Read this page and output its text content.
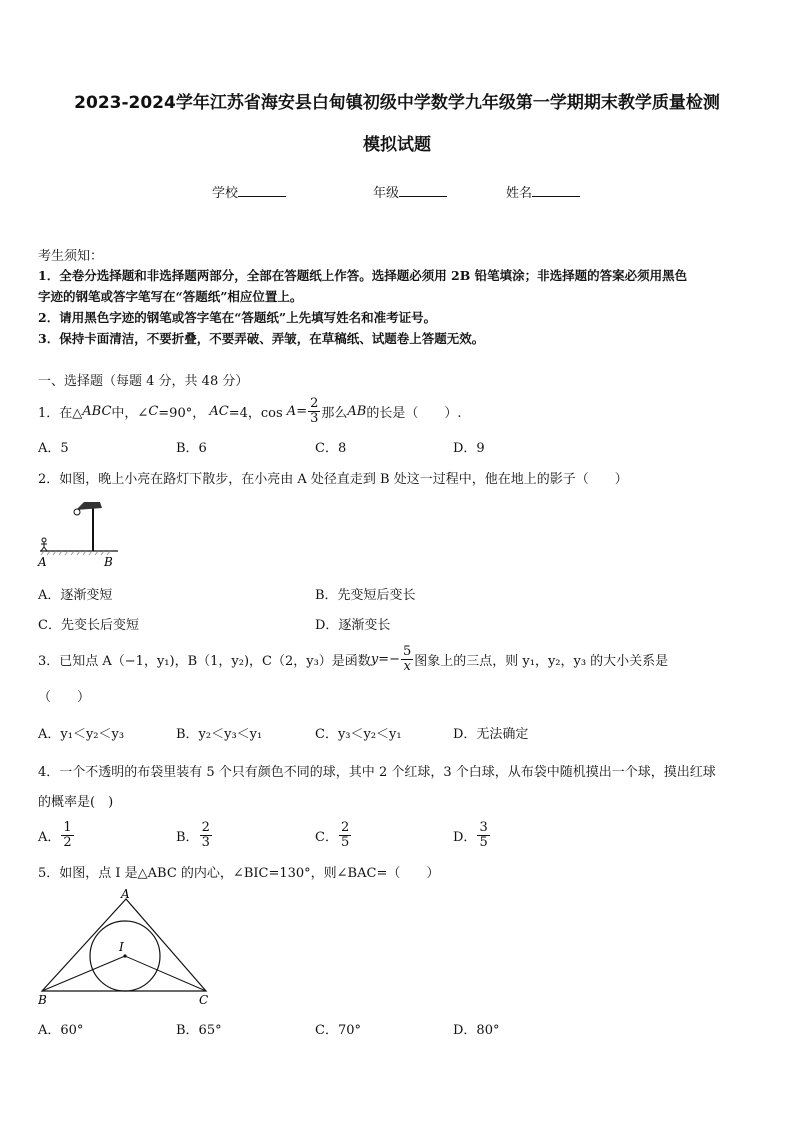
2023-2024学年江苏省海安县白甸镇初级中学数学九年级第一学期期末教学质量检测
模拟试题
学校	年级	姓名
考生须知：
1．全卷分选择题和非选择题两部分，全部在答题纸上作答。选择题必须用 2B 铅笔填涂；非选择题的答案必须用黑色
字迹的钢笔或答字笔写在“答题纸”相应位置上。
2．请用黑色字迹的钢笔或答字笔在“答题纸”上先填写姓名和准考证号。
3．保持卡面清洁，不要折叠，不要弄破、弄皱，在草稿纸、试题卷上答题无效。
一、选择题（每题 4 分，共 48 分）
1．在△ ABC 中，∠ C =90°，
AC =4，cos
$A = \frac{2}{3}$ 那么 AB 的长是（　　）.
A．5	B．6	C．8	D．9
2．如图，晚上小亮在路灯下散步，在小亮由 A 处径直走到 B 处这一过程中，他在地上的影子（　　）
A	B
A．逐渐变短	B．先变短后变长
C．先变长后变短	D．逐渐变长
3．已知点 A（−1，y₁)，B（1，y₂)，C（2，y₃）是函数 $y =- \frac{5}{x}$ 图象上的三点，则 y₁，y₂，y₃ 的大小关系是
（　　）
A．y₁＜y₂＜y₃	B．y₂＜y₃＜y₁	C．y₃＜y₂＜y₁	D．无法确定
4．一个不透明的布袋里装有 5 个只有颜色不同的球，其中 2 个红球，3 个白球，从布袋中随机摸出一个球，摸出红球
的概率是(　)
A． $\frac{1}{2}$	B． $\frac{2}{3}$	C． $\frac{2}{5}$	D． $\frac{3}{5}$
5．如图，点 I 是△ABC 的内心，∠BIC=130°，则∠BAC=（　　）
A
B	C
I
A．60°	B．65°	C．70°	D．80°
